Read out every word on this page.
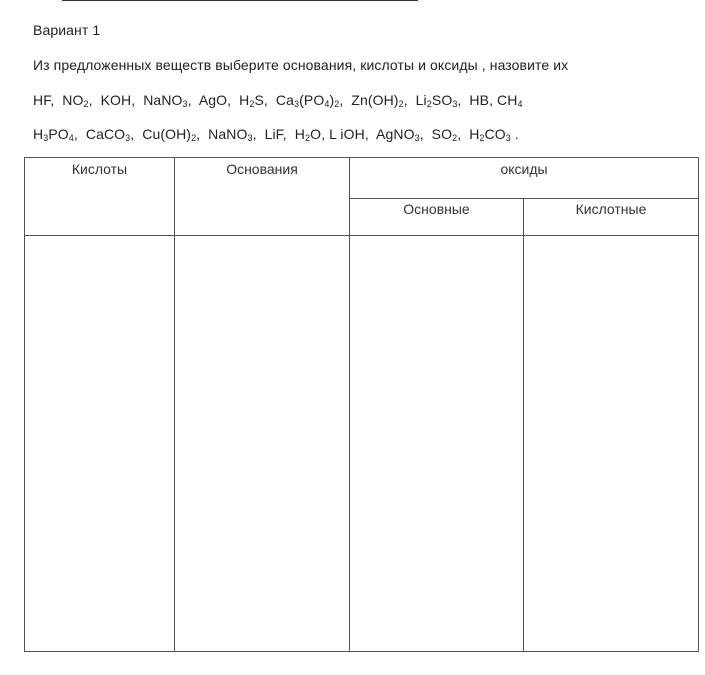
Вариант 1
Из предложенных веществ выберите основания, кислоты и оксиды , назовите их
HF,  $NO_2$,  KOH,  NaNO$_3$,  AgO,  $H_2S$,  $Ca_3(PO_4)_2$,  $Zn(OH)_2$,  $Li_2SO_3$,  HB, $CH_4$
$H_3PO_4$,  CaCO$_3$,  $Cu(OH)_2$,  NaNO$_3$,  LiF,  $H_2O$, L iOH,  AgNO$_3$,  $SO_2$,  $H_2CO_3$ .
Кислоты	Основания	оксиды	
		Основные	Кислотные
